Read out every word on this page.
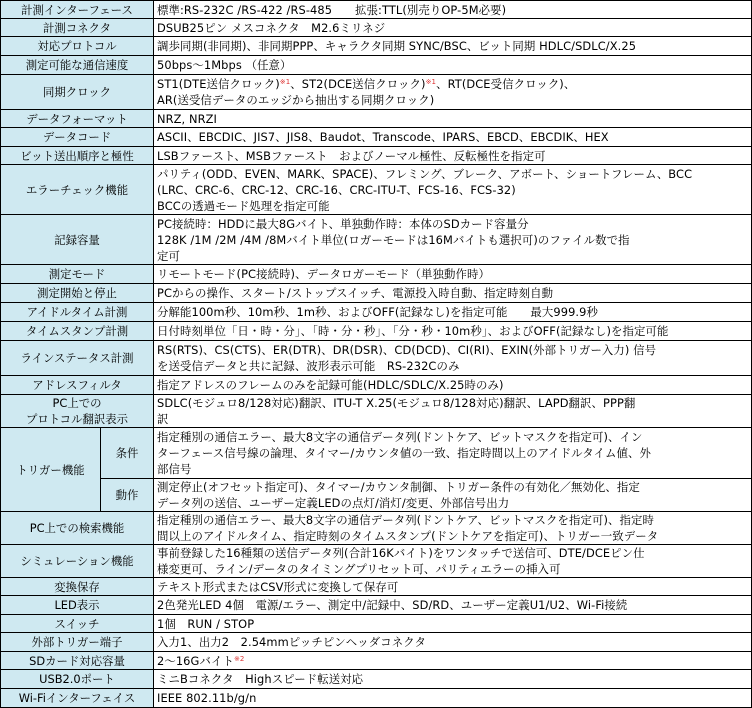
計測インターフェース		標準:RS-232C /RS-422 /RS-485　　拡張:TTL(別売りOP-5M必要)

計測コネクタ		DSUB25ピン メスコネクタ　M2.6ミリネジ

対応プロトコル		調歩同期(非同期)、非同期PPP、キャラクタ同期 SYNC/BSC、ビット同期 HDLC/SDLC/X.25

測定可能な通信速度		50bps〜1Mbps （任意）

同期クロック		ST1(DTE送信クロック)$^{※1}$、ST2(DCE送信クロック)$^{※1}$、RT(DCE受信クロック)、
AR(送受信データのエッジから抽出する同期クロック)

データフォーマット		NRZ, NRZI

データコード		ASCII、EBCDIC、JIS7、JIS8、Baudot、Transcode、IPARS、EBCD、EBCDIK、HEX

ビット送出順序と極性		LSBファースト、MSBファースト　およびノーマル極性、反転極性を指定可

エラーチェック機能		パリティ(ODD、EVEN、MARK、SPACE)、フレミング、ブレーク、アボート、ショートフレーム、BCC
(LRC、CRC-6、CRC-12、CRC-16、CRC-ITU-T、FCS-16、FCS-32)
BCCの透過モード処理を指定可能

記録容量		PC接続時：HDDに最大8Gバイト、単独動作時：本体のSDカード容量分
128K /1M /2M /4M /8Mバイト単位(ロガーモードは16Mバイトも選択可)のファイル数で指
定可

測定モード		リモートモード(PC接続時)、データロガーモード（単独動作時）

測定開始と停止		PCからの操作、スタート/ストップスイッチ、電源投入時自動、指定時刻自動

アイドルタイム計測		分解能100m秒、10m秒、1m秒、およびOFF(記録なし)を指定可能　　最大999.9秒

タイムスタンプ計測		日付時刻単位「日・時・分」、「時・分・秒」、「分・秒・10m秒」、およびOFF(記録なし)を指定可能

ラインステータス計測		RS(RTS)、CS(CTS)、ER(DTR)、DR(DSR)、CD(DCD)、CI(RI)、EXIN(外部トリガー入力) 信号
を送受信データと共に記録、波形表示可能　RS-232Cのみ

アドレスフィルタ		指定アドレスのフレームのみを記録可能(HDLC/SDLC/X.25時のみ)

PC上での
プロトコル翻訳表示		SDLC(モジュロ8/128対応)翻訳、ITU-T X.25(モジュロ8/128対応)翻訳、LAPD翻訳、PPP翻
訳

トリガー機能	条件	指定種別の通信エラー、最大8文字の通信データ列(ドントケア、ビットマスクを指定可)、イン
ターフェース信号線の論理、タイマー/カウンタ値の一致、指定時間以上のアイドルタイム値、外
部信号

	動作	測定停止(オフセット指定可)、タイマー/カウンタ制御、トリガー条件の有効化／無効化、指定
データ列の送信、ユーザー定義LEDの点灯/消灯/変更、外部信号出力

PC上での検索機能		指定種別の通信エラー、最大8文字の通信データ列(ドントケア、ビットマスクを指定可)、指定時
間以上のアイドルタイム、指定時刻のタイムスタンプ(ドントケアを指定可)、トリガー一致データ

シミュレーション機能		事前登録した16種類の送信データ列(合計16Kバイト)をワンタッチで送信可、DTE/DCEピン仕
様変更可、ライン/データのタイミングプリセット可、パリティエラーの挿入可

変換保存		テキスト形式またはCSV形式に変換して保存可

LED表示		2色発光LED 4個　電源/エラー、測定中/記録中、SD/RD、ユーザー定義U1/U2、Wi-Fi接続

スイッチ		1個　RUN / STOP

外部トリガー端子		入力1、出力2　2.54mmピッチピンヘッダコネクタ

SDカード対応容量		2〜16Gバイト$^{※2}$

USB2.0ポート		ミニBコネクタ　Highスピード転送対応

Wi-Fiインターフェイス		IEEE 802.11b/g/n
